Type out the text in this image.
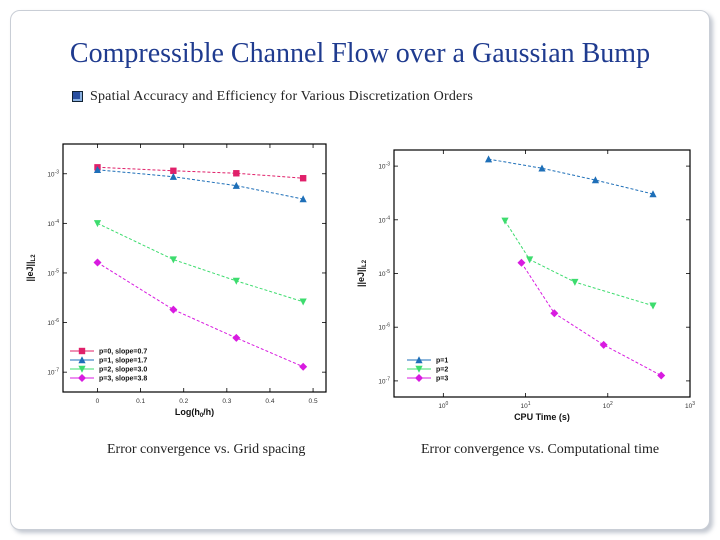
Compressible Channel Flow over a Gaussian Bump
Spatial Accuracy and Efficiency for Various Discretization Orders
0	0.1	0.2	0.3	0.4	0.5
$10^{-3}$
$10^{-4}$
$10^{-5}$
$10^{-6}$
$10^{-7}$
$Log(h_0/h)$
$||eJ||_{L2}$
p=0, slope=0.7
p=1, slope=1.7
p=2, slope=3.0
p=3, slope=3.8
$10^0$	$10^1$	$10^2$	$10^3$
$10^{-3}$
$10^{-4}$
$10^{-5}$
$10^{-6}$
$10^{-7}$
CPU Time (s)
$||eJ||_{L2}$
p=1
p=2
p=3
Error convergence vs. Grid spacing	Error convergence vs. Computational time
